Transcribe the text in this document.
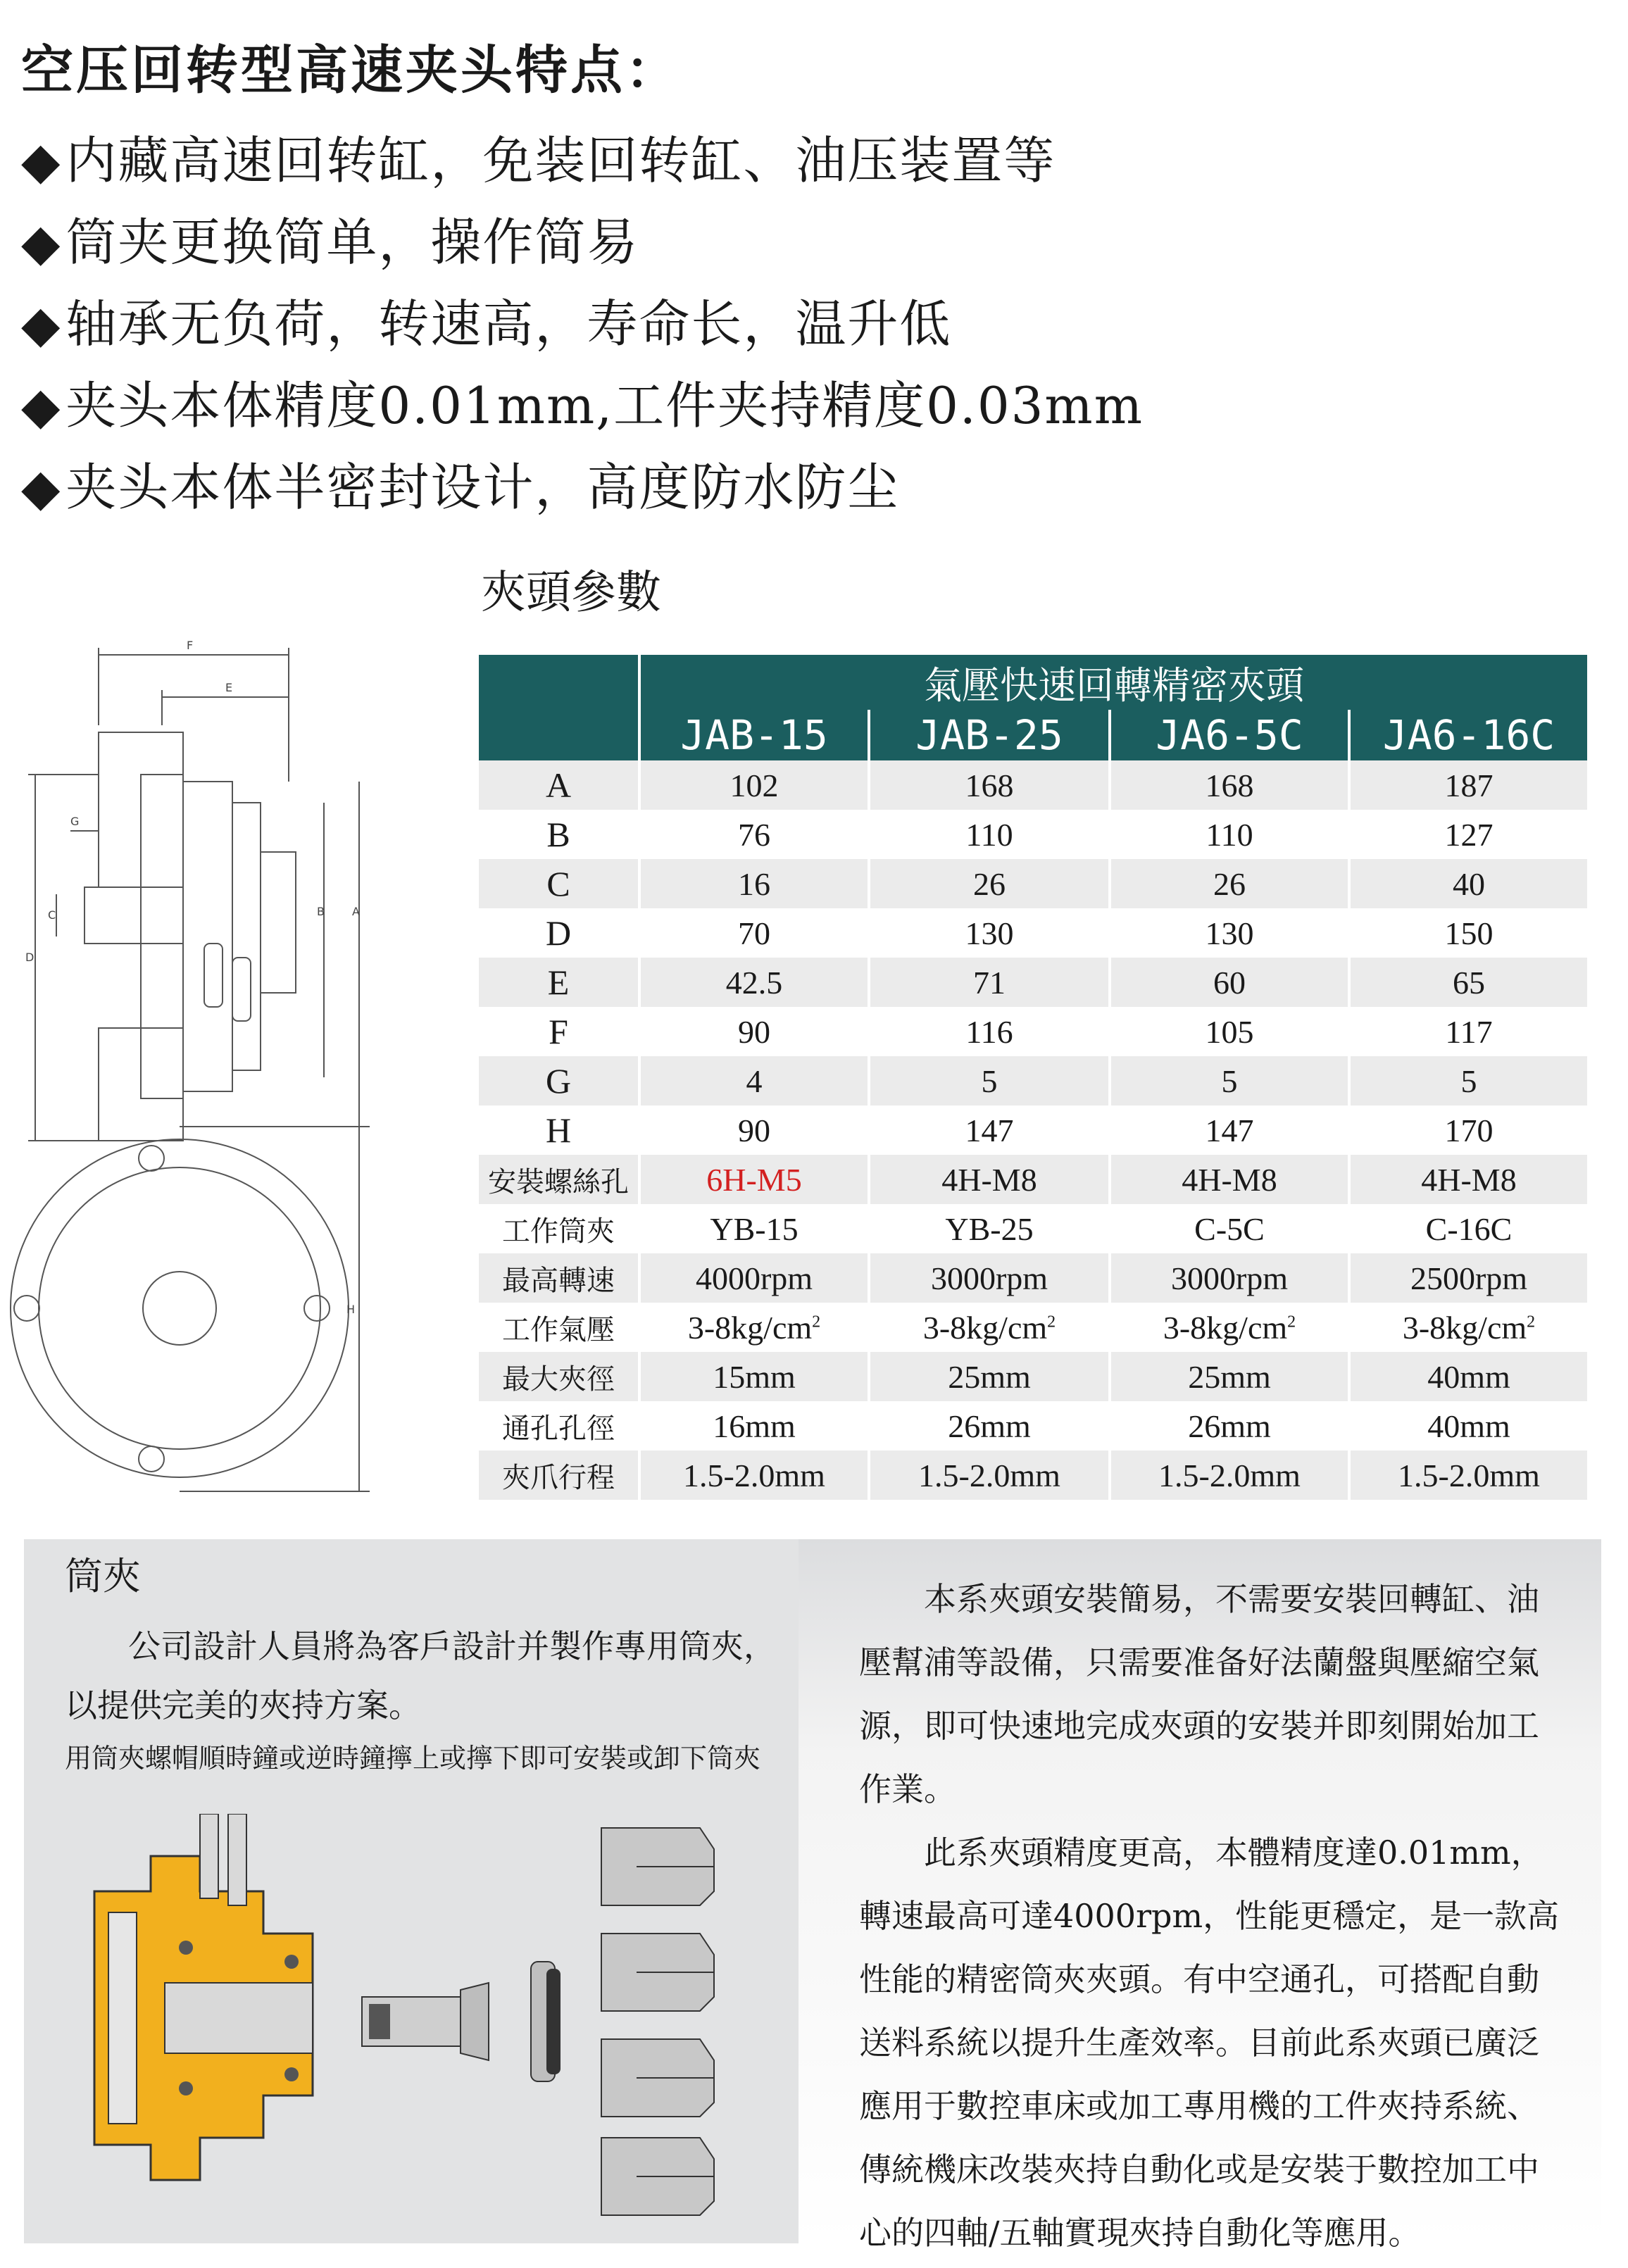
空压回转型高速夹头特点：
◆内藏高速回转缸，免装回转缸、油压装置等
◆筒夹更换简单，操作简易
◆轴承无负荷，转速高，寿命长，温升低
◆夹头本体精度0.01mm,工件夹持精度0.03mm
◆夹头本体半密封设计，高度防水防尘
夾頭參數
F
E
G
D
C	B A
H
	氣壓快速回轉精密夾頭			
	JAB-15	JAB-25	JA6-5C	JA6-16C
A	102	168	168	187
B	76	110	110	127
C	16	26	26	40
D	70	130	130	150
E	42.5	71	60	65
F	90	116	105	117
G	4	5	5	5
H	90	147	147	170
安裝螺絲孔	6H-M5	4H-M8	4H-M8	4H-M8
工作筒夾	YB-15	YB-25	C-5C	C-16C
最高轉速	4000rpm	3000rpm	3000rpm	2500rpm
工作氣壓	$3-8kg/cm^2$	$3-8kg/cm^2$	$3-8kg/cm^2$	$3-8kg/cm^2$
最大夾徑	15mm	25mm	25mm	40mm
通孔孔徑	16mm	26mm	26mm	40mm
夾爪行程	1.5-2.0mm	1.5-2.0mm	1.5-2.0mm	1.5-2.0mm
筒夾
公司設計人員將為客戶設計并製作專用筒夾，以提供完美的夾持方案。
用筒夾螺帽順時鐘或逆時鐘擰上或擰下即可安裝或卸下筒夾

本系夾頭安裝簡易，不需要安裝回轉缸、油壓幫浦等設備，只需要准备好法蘭盤與壓縮空氣源，即可快速地完成夾頭的安裝并即刻開始加工作業。

此系夾頭精度更高，本體精度達0.01mm，轉速最高可達4000rpm，性能更穩定，是一款高性能的精密筒夾夾頭。有中空通孔，可搭配自動送料系統以提升生產效率。目前此系夾頭已廣泛應用于數控車床或加工專用機的工件夾持系統、傳統機床改裝夾持自動化或是安裝于數控加工中心的四軸/五軸實現夾持自動化等應用。
